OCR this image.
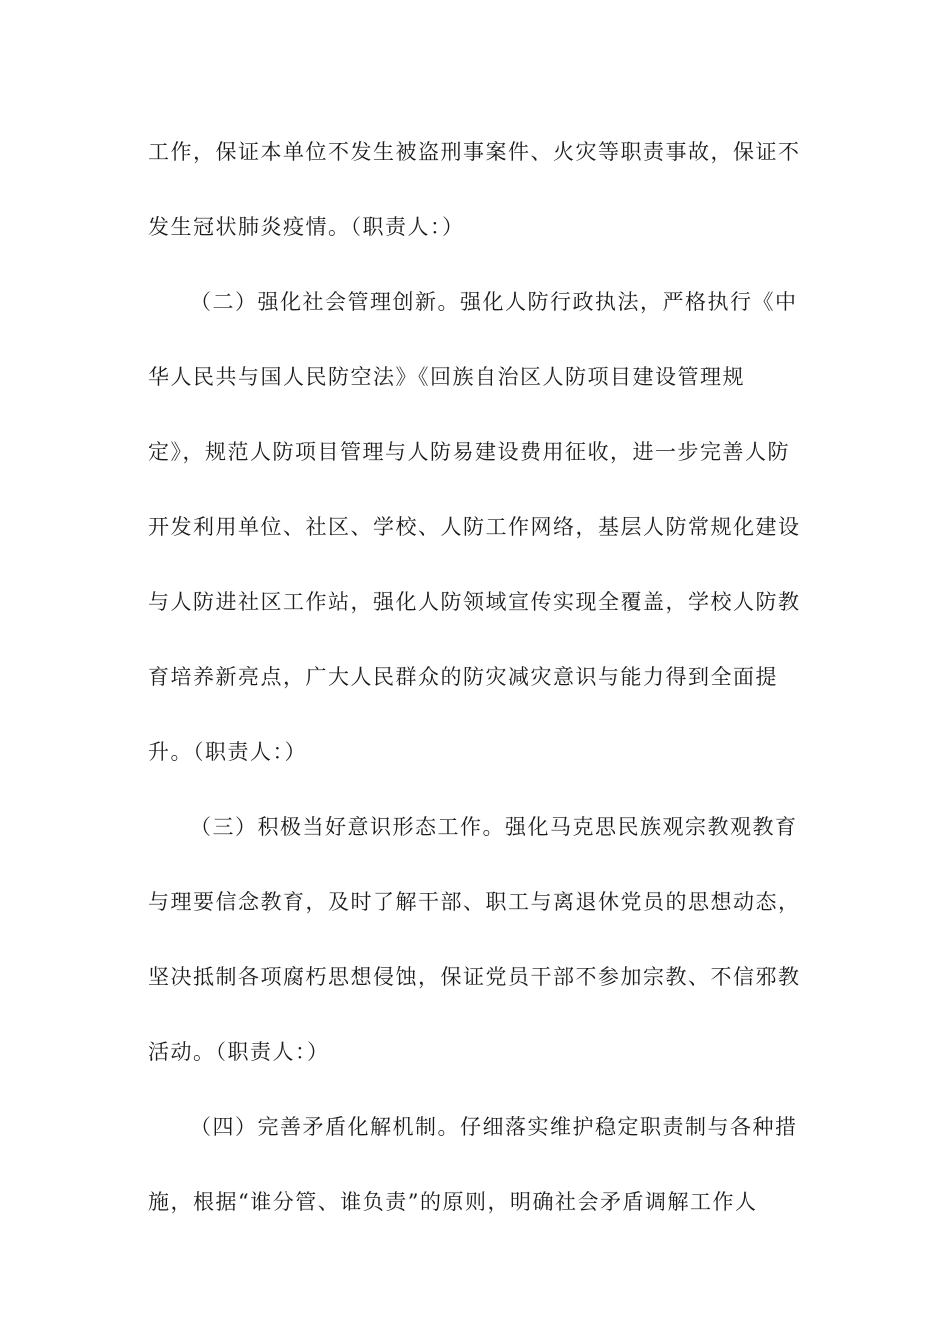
工作，保证本单位不发生被盗刑事案件、火灾等职责事故，保证不
发生冠状肺炎疫情。（职责人：）
（二）强化社会管理创新。强化人防行政执法，严格执行《中
华人民共与国人民防空法》《回族自治区人防项目建设管理规
定》，规范人防项目管理与人防易建设费用征收，进一步完善人防
开发利用单位、社区、学校、人防工作网络，基层人防常规化建设
与人防进社区工作站，强化人防领域宣传实现全覆盖，学校人防教
育培养新亮点，广大人民群众的防灾减灾意识与能力得到全面提
升。（职责人：）
（三）积极当好意识形态工作。强化马克思民族观宗教观教育
与理要信念教育，及时了解干部、职工与离退休党员的思想动态，
坚决抵制各项腐朽思想侵蚀，保证党员干部不参加宗教、不信邪教
活动。（职责人：）
（四）完善矛盾化解机制。仔细落实维护稳定职责制与各种措
施，根据“谁分管、谁负责”的原则，明确社会矛盾调解工作人
